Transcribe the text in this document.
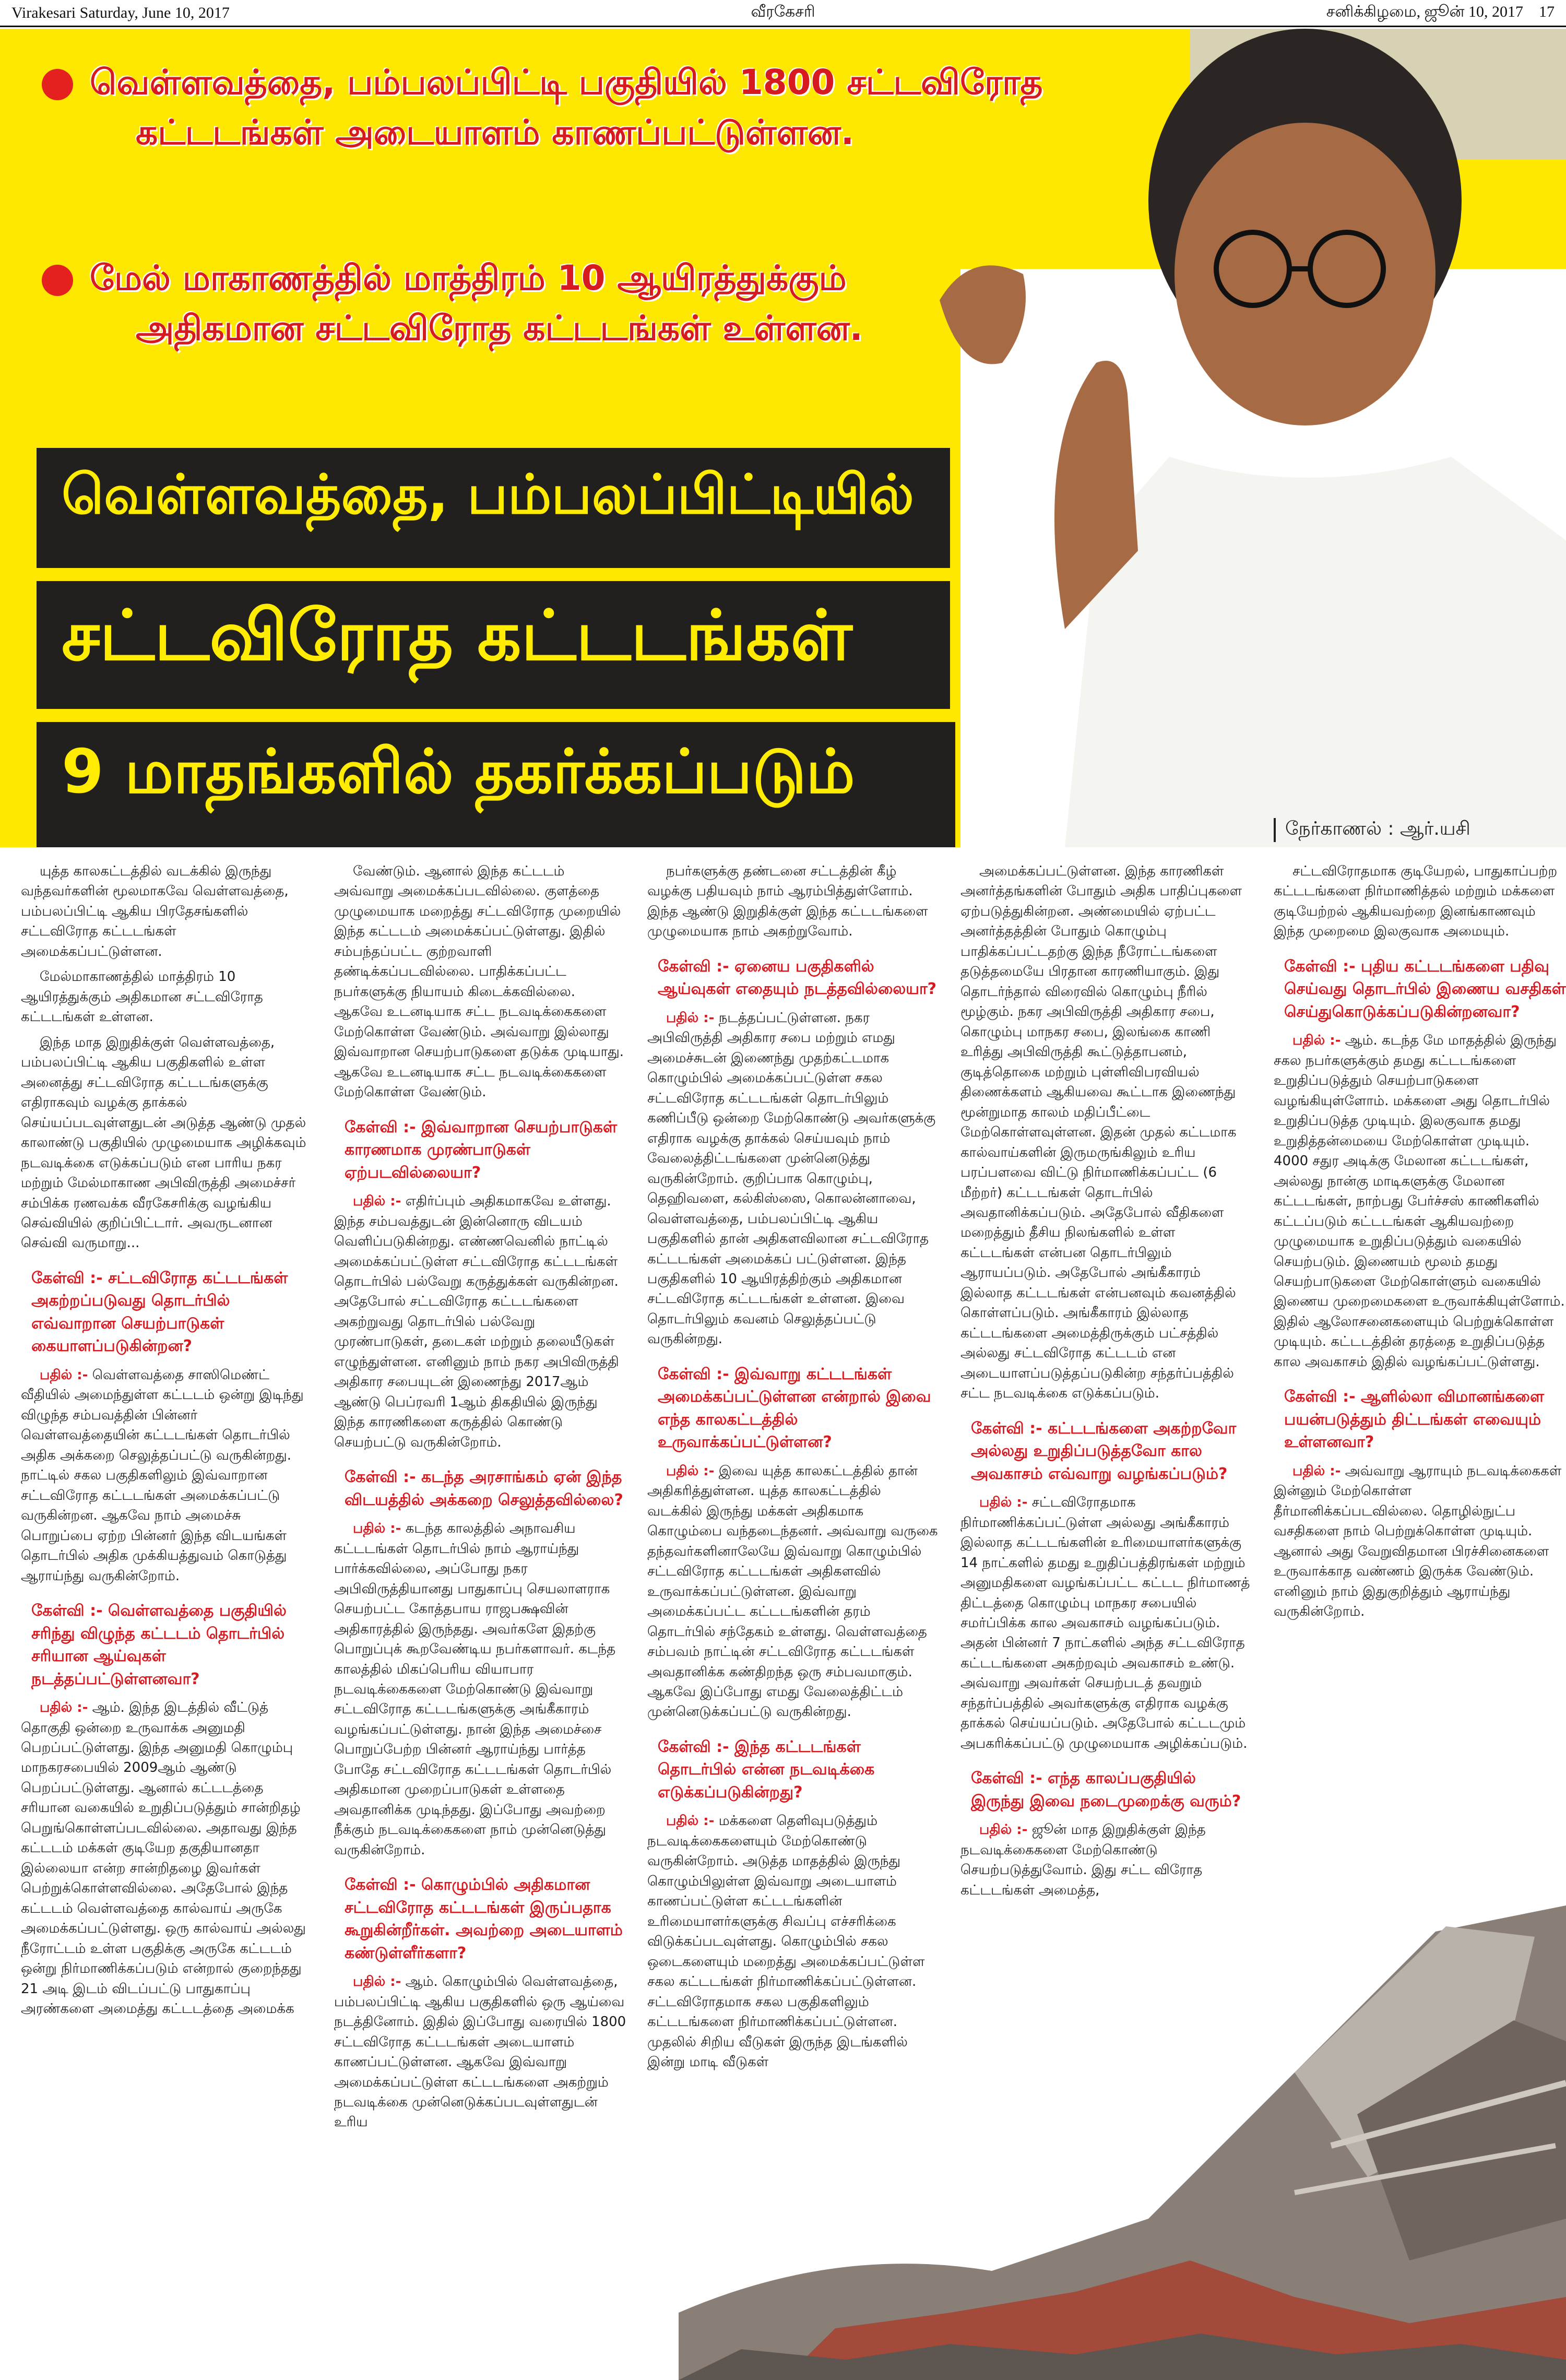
Virakesari Saturday, June 10, 2017	வீரகேசரி	சனிக்கிழமை, ஜூன் 10, 2017 17
வெள்ளவத்தை, பம்பலப்பிட்டி பகுதியில் 1800 சட்டவிரோத
கட்டடங்கள் அடையாளம் காணப்பட்டுள்ளன.
மேல் மாகாணத்தில் மாத்திரம் 10 ஆயிரத்துக்கும்
அதிகமான சட்டவிரோத கட்டடங்கள் உள்ளன.
நேர்காணல் : ஆர்.யசி
வெள்ளவத்தை, பம்பலப்பிட்டியில்
சட்டவிரோத கட்டடங்கள்
9 மாதங்களில் தகர்க்கப்படும்

யுத்த காலகட்டத்தில் வடக்கில் இருந்து வந்தவர்களின் மூலமாகவே வெள்ளவத்தை, பம்பலப்பிட்டி ஆகிய பிரதேசங்களில் சட்டவிரோத கட்டடங்கள் அமைக்கப்பட்டுள்ளன.

மேல்மாகாணத்தில் மாத்திரம் 10 ஆயிரத்துக்கும் அதிகமான சட்டவிரோத கட்டடங்கள் உள்ளன.

இந்த மாத இறுதிக்குள் வெள்ளவத்தை, பம்பலப்பிட்டி ஆகிய பகுதிகளில் உள்ள அனைத்து சட்டவிரோத கட்டடங்களுக்கு எதிராகவும் வழக்கு தாக்கல் செய்யப்படவுள்ளதுடன் அடுத்த ஆண்டு முதல் காலாண்டு பகுதியில் முழுமையாக அழிக்கவும் நடவடிக்கை எடுக்கப்படும் என பாரிய நகர மற்றும் மேல்மாகாண அபிவிருத்தி அமைச்சர் சம்பிக்க ரணவக்க வீரகேசரிக்கு வழங்கிய செவ்வியில் குறிப்பிட்டார். அவருடனான செவ்வி வருமாறு...

கேள்வி :- சட்டவிரோத கட்டடங்கள் அகற்றப்படுவது தொடர்பில் எவ்வாறான செயற்பாடுகள் கையாளப்படுகின்றன?

பதில் :- வெள்ளவத்தை சாஸிமெண்ட் வீதியில் அமைந்துள்ள கட்டடம் ஒன்று இடிந்து விழுந்த சம்பவத்தின் பின்னர் வெள்ளவத்தையின் கட்டடங்கள் தொடர்பில் அதிக அக்கறை செலுத்தப்பட்டு வருகின்றது. நாட்டில் சகல பகுதிகளிலும் இவ்வாறான சட்டவிரோத கட்டடங்கள் அமைக்கப்பட்டு வருகின்றன. ஆகவே நாம் அமைச்சு பொறுப்பை ஏற்ற பின்னர் இந்த விடயங்கள் தொடர்பில் அதிக முக்கியத்துவம் கொடுத்து ஆராய்ந்து வருகின்றோம்.

கேள்வி :- வெள்ளவத்தை பகுதியில் சரிந்து விழுந்த கட்டடம் தொடர்பில் சரியான ஆய்வுகள் நடத்தப்பட்டுள்ளனவா?

பதில் :- ஆம். இந்த இடத்தில் வீட்டுத் தொகுதி ஒன்றை உருவாக்க அனுமதி பெறப்பட்டுள்ளது. இந்த அனுமதி கொழும்பு மாநகரசபையில் 2009ஆம் ஆண்டு பெறப்பட்டுள்ளது. ஆனால் கட்டடத்தை சரியான வகையில் உறுதிப்படுத்தும் சான்றிதழ் பெறுங்கொள்ளப்படவில்லை. அதாவது இந்த கட்டடம் மக்கள் குடியேற தகுதியானதா இல்லையா என்ற சான்றிதழை இவர்கள் பெற்றுக்கொள்ளவில்லை. அதேபோல் இந்த கட்டடம் வெள்ளவத்தை கால்வாய் அருகே அமைக்கப்பட்டுள்ளது. ஒரு கால்வாய் அல்லது நீரோட்டம் உள்ள பகுதிக்கு அருகே கட்டடம் ஒன்று நிர்மாணிக்கப்படும் என்றால் குறைந்தது 21 அடி இடம் விடப்பட்டு பாதுகாப்பு அரண்களை அமைத்து கட்டடத்தை அமைக்க

வேண்டும். ஆனால் இந்த கட்டடம் அவ்வாறு அமைக்கப்படவில்லை. குளத்தை முழுமையாக மறைத்து சட்டவிரோத முறையில் இந்த கட்டடம் அமைக்கப்பட்டுள்ளது. இதில் சம்பந்தப்பட்ட குற்றவாளி தண்டிக்கப்படவில்லை. பாதிக்கப்பட்ட நபர்களுக்கு நியாயம் கிடைக்கவில்லை. ஆகவே உடனடியாக சட்ட நடவடிக்கைகளை மேற்கொள்ள வேண்டும். அவ்வாறு இல்லாது இவ்வாறான செயற்பாடுகளை தடுக்க முடியாது. ஆகவே உடனடியாக சட்ட நடவடிக்கைகளை மேற்கொள்ள வேண்டும்.

கேள்வி :- இவ்வாறான செயற்பாடுகள் காரணமாக முரண்பாடுகள் ஏற்படவில்லையா?

பதில் :- எதிர்ப்பும் அதிகமாகவே உள்ளது. இந்த சம்பவத்துடன் இன்னொரு விடயம் வெளிப்படுகின்றது. எண்ணவெனில் நாட்டில் அமைக்கப்பட்டுள்ள சட்டவிரோத கட்டடங்கள் தொடர்பில் பல்வேறு கருத்துக்கள் வருகின்றன. அதேபோல் சட்டவிரோத கட்டடங்களை அகற்றுவது தொடர்பில் பல்வேறு முரண்பாடுகள், தடைகள் மற்றும் தலையீடுகள் எழுந்துள்ளன. எனினும் நாம் நகர அபிவிருத்தி அதிகார சபையுடன் இணைந்து 2017ஆம் ஆண்டு பெப்ரவரி 1ஆம் திகதியில் இருந்து இந்த காரணிகளை கருத்தில் கொண்டு செயற்பட்டு வருகின்றோம்.

கேள்வி :- கடந்த அரசாங்கம் ஏன் இந்த விடயத்தில் அக்கறை செலுத்தவில்லை?

பதில் :- கடந்த காலத்தில் அநாவசிய கட்டடங்கள் தொடர்பில் நாம் ஆராய்ந்து பார்க்கவில்லை, அப்போது நகர அபிவிருத்தியானது பாதுகாப்பு செயலாளராக செயற்பட்ட கோத்தபாய ராஜபக்ஷவின் அதிகாரத்தில் இருந்தது. அவர்களே இதற்கு பொறுப்புக் கூறவேண்டிய நபர்களாவர். கடந்த காலத்தில் மிகப்பெரிய வியாபார நடவடிக்கைகளை மேற்கொண்டு இவ்வாறு சட்டவிரோத கட்டடங்களுக்கு அங்கீகாரம் வழங்கப்பட்டுள்ளது. நான் இந்த அமைச்சை பொறுப்பேற்ற பின்னர் ஆராய்ந்து பார்த்த போதே சட்டவிரோத கட்டடங்கள் தொடர்பில் அதிகமான முறைப்பாடுகள் உள்ளதை அவதானிக்க முடிந்தது. இப்போது அவற்றை நீக்கும் நடவடிக்கைகளை நாம் முன்னெடுத்து வருகின்றோம்.

கேள்வி :- கொழும்பில் அதிகமான சட்டவிரோத கட்டடங்கள் இருப்பதாக கூறுகின்றீர்கள். அவற்றை அடையாளம் கண்டுள்ளீர்களா?

பதில் :- ஆம். கொழும்பில் வெள்ளவத்தை, பம்பலப்பிட்டி ஆகிய பகுதிகளில் ஒரு ஆய்வை நடத்தினோம். இதில் இப்போது வரையில் 1800 சட்டவிரோத கட்டடங்கள் அடையாளம் காணப்பட்டுள்ளன. ஆகவே இவ்வாறு அமைக்கப்பட்டுள்ள கட்டடங்களை அகற்றும் நடவடிக்கை முன்னெடுக்கப்படவுள்ளதுடன் உரிய

நபர்களுக்கு தண்டனை சட்டத்தின் கீழ் வழக்கு பதியவும் நாம் ஆரம்பித்துள்ளோம். இந்த ஆண்டு இறுதிக்குள் இந்த கட்டடங்களை முழுமையாக நாம் அகற்றுவோம்.

கேள்வி :- ஏனைய பகுதிகளில் ஆய்வுகள் எதையும் நடத்தவில்லையா?

பதில் :- நடத்தப்பட்டுள்ளன. நகர அபிவிருத்தி அதிகார சபை மற்றும் எமது அமைச்சுடன் இணைந்து முதற்கட்டமாக கொழும்பில் அமைக்கப்பட்டுள்ள சகல சட்டவிரோத கட்டடங்கள் தொடர்பிலும் கணிப்பீடு ஒன்றை மேற்கொண்டு அவர்களுக்கு எதிராக வழக்கு தாக்கல் செய்யவும் நாம் வேலைத்திட்டங்களை முன்னெடுத்து வருகின்றோம். குறிப்பாக கொழும்பு, தெஹிவளை, கல்கிஸ்ஸை, கொலன்னாவை, வெள்ளவத்தை, பம்பலப்பிட்டி ஆகிய பகுதிகளில் தான் அதிகளவிலான சட்டவிரோத கட்டடங்கள் அமைக்கப் பட்டுள்ளன. இந்த பகுதிகளில் 10 ஆயிரத்திற்கும் அதிகமான சட்டவிரோத கட்டடங்கள் உள்ளன. இவை தொடர்பிலும் கவனம் செலுத்தப்பட்டு வருகின்றது.

கேள்வி :- இவ்வாறு கட்டடங்கள் அமைக்கப்பட்டுள்ளன என்றால் இவை எந்த காலகட்டத்தில் உருவாக்கப்பட்டுள்ளன?

பதில் :- இவை யுத்த காலகட்டத்தில் தான் அதிகரித்துள்ளன. யுத்த காலகட்டத்தில் வடக்கில் இருந்து மக்கள் அதிகமாக கொழும்பை வந்தடைந்தனர். அவ்வாறு வருகை தந்தவர்களினாலேயே இவ்வாறு கொழும்பில் சட்டவிரோத கட்டடங்கள் அதிகளவில் உருவாக்கப்பட்டுள்ளன. இவ்வாறு அமைக்கப்பட்ட கட்டடங்களின் தரம் தொடர்பில் சந்தேகம் உள்ளது. வெள்ளவத்தை சம்பவம் நாட்டின் சட்டவிரோத கட்டடங்கள் அவதானிக்க கண்திறந்த ஒரு சம்பவமாகும். ஆகவே இப்போது எமது வேலைத்திட்டம் முன்னெடுக்கப்பட்டு வருகின்றது.

கேள்வி :- இந்த கட்டடங்கள் தொடர்பில் என்ன நடவடிக்கை எடுக்கப்படுகின்றது?

பதில் :- மக்களை தெளிவுபடுத்தும் நடவடிக்கைகளையும் மேற்கொண்டு வருகின்றோம். அடுத்த மாதத்தில் இருந்து கொழும்பிலுள்ள இவ்வாறு அடையாளம் காணப்பட்டுள்ள கட்டடங்களின் உரிமையாளர்களுக்கு சிவப்பு எச்சரிக்கை விடுக்கப்படவுள்ளது. கொழும்பில் சகல ஒடைகளையும் மறைத்து அமைக்கப்பட்டுள்ள சகல கட்டடங்கள் நிர்மாணிக்கப்பட்டுள்ளன. சட்டவிரோதமாக சகல பகுதிகளிலும் கட்டடங்களை நிர்மாணிக்கப்பட்டுள்ளன. முதலில் சிறிய வீடுகள் இருந்த இடங்களில் இன்று மாடி வீடுகள்

அமைக்கப்பட்டுள்ளன. இந்த காரணிகள் அனர்த்தங்களின் போதும் அதிக பாதிப்புகளை ஏற்படுத்துகின்றன. அண்மையில் ஏற்பட்ட அனர்த்தத்தின் போதும் கொழும்பு பாதிக்கப்பட்டதற்கு இந்த நீரோட்டங்களை தடுத்தமையே பிரதான காரணியாகும். இது தொடர்ந்தால் விரைவில் கொழும்பு நீரில் மூழ்கும். நகர அபிவிருத்தி அதிகார சபை, கொழும்பு மாநகர சபை, இலங்கை காணி உரித்து அபிவிருத்தி கூட்டுத்தாபனம், குடித்தொகை மற்றும் புள்ளிவிபரவியல் திணைக்களம் ஆகியவை கூட்டாக இணைந்து மூன்றுமாத காலம் மதிப்பீட்டை மேற்கொள்ளவுள்ளன. இதன் முதல் கட்டமாக கால்வாய்களின் இருமருங்கிலும் உரிய பரப்பளவை விட்டு நிர்மாணிக்கப்பட்ட (6 மீற்றர்) கட்டடங்கள் தொடர்பில் அவதானிக்கப்படும். அதேபோல் வீதிகளை மறைத்தும் தீசிய நிலங்களில் உள்ள கட்டடங்கள் என்பன தொடர்பிலும் ஆராயப்படும். அதேபோல் அங்கீகாரம் இல்லாத கட்டடங்கள் என்பனவும் கவனத்தில் கொள்ளப்படும். அங்கீகாரம் இல்லாத கட்டடங்களை அமைத்திருக்கும் பட்சத்தில் அல்லது சட்டவிரோத கட்டடம் என அடையாளப்படுத்தப்படுகின்ற சந்தர்ப்பத்தில் சட்ட நடவடிக்கை எடுக்கப்படும்.

கேள்வி :- கட்டடங்களை அகற்றவோ அல்லது உறுதிப்படுத்தவோ கால அவகாசம் எவ்வாறு வழங்கப்படும்?

பதில் :- சட்டவிரோதமாக நிர்மாணிக்கப்பட்டுள்ள அல்லது அங்கீகாரம் இல்லாத கட்டடங்களின் உரிமையாளர்களுக்கு 14 நாட்களில் தமது உறுதிப்பத்திரங்கள் மற்றும் அனுமதிகளை வழங்கப்பட்ட கட்டட நிர்மாணத் திட்டத்தை கொழும்பு மாநகர சபையில் சமர்ப்பிக்க கால அவகாசம் வழங்கப்படும். அதன் பின்னர் 7 நாட்களில் அந்த சட்டவிரோத கட்டடங்களை அகற்றவும் அவகாசம் உண்டு. அவ்வாறு அவர்கள் செயற்படத் தவறும் சந்தர்ப்பத்தில் அவர்களுக்கு எதிராக வழக்கு தாக்கல் செய்யப்படும். அதேபோல் கட்டடமும் அபகரிக்கப்பட்டு முழுமையாக அழிக்கப்படும்.

கேள்வி :- எந்த காலப்பகுதியில் இருந்து இவை நடைமுறைக்கு வரும்?

பதில் :- ஜூன் மாத இறுதிக்குள் இந்த நடவடிக்கைகளை மேற்கொண்டு செயற்படுத்துவோம். இது சட்ட விரோத கட்டடங்கள் அமைத்த,

சட்டவிரோதமாக குடியேறல், பாதுகாப்பற்ற கட்டடங்களை நிர்மாணித்தல் மற்றும் மக்களை குடியேற்றல் ஆகியவற்றை இனங்காணவும் இந்த முறைமை இலகுவாக அமையும்.

கேள்வி :- புதிய கட்டடங்களை பதிவு செய்வது தொடர்பில் இணைய வசதிகள் செய்துகொடுக்கப்படுகின்றனவா?

பதில் :- ஆம். கடந்த மே மாதத்தில் இருந்து சகல நபர்களுக்கும் தமது கட்டடங்களை உறுதிப்படுத்தும் செயற்பாடுகளை வழங்கியுள்ளோம். மக்களை அது தொடர்பில் உறுதிப்படுத்த முடியும். இலகுவாக தமது உறுதித்தன்மையை மேற்கொள்ள முடியும். 4000 சதுர அடிக்கு மேலான கட்டடங்கள், அல்லது நான்கு மாடிகளுக்கு மேலான கட்டடங்கள், நாற்பது பேர்ச்சஸ் காணிகளில் கட்டப்படும் கட்டடங்கள் ஆகியவற்றை முழுமையாக உறுதிப்படுத்தும் வகையில் செயற்படும். இணையம் மூலம் தமது செயற்பாடுகளை மேற்கொள்ளும் வகையில் இணைய முறைமைகளை உருவாக்கியுள்ளோம். இதில் ஆலோசனைகளையும் பெற்றுக்கொள்ள முடியும். கட்டடத்தின் தரத்தை உறுதிப்படுத்த கால அவகாசம் இதில் வழங்கப்பட்டுள்ளது.

கேள்வி :- ஆளில்லா விமானங்களை பயன்படுத்தும் திட்டங்கள் எவையும் உள்ளனவா?

பதில் :- அவ்வாறு ஆராயும் நடவடிக்கைகள் இன்னும் மேற்கொள்ள தீர்மானிக்கப்படவில்லை. தொழில்நுட்ப வசதிகளை நாம் பெற்றுக்கொள்ள முடியும். ஆனால் அது வேறுவிதமான பிரச்சினைகளை உருவாக்காத வண்ணம் இருக்க வேண்டும். எனினும் நாம் இதுகுறித்தும் ஆராய்ந்து வருகின்றோம்.
